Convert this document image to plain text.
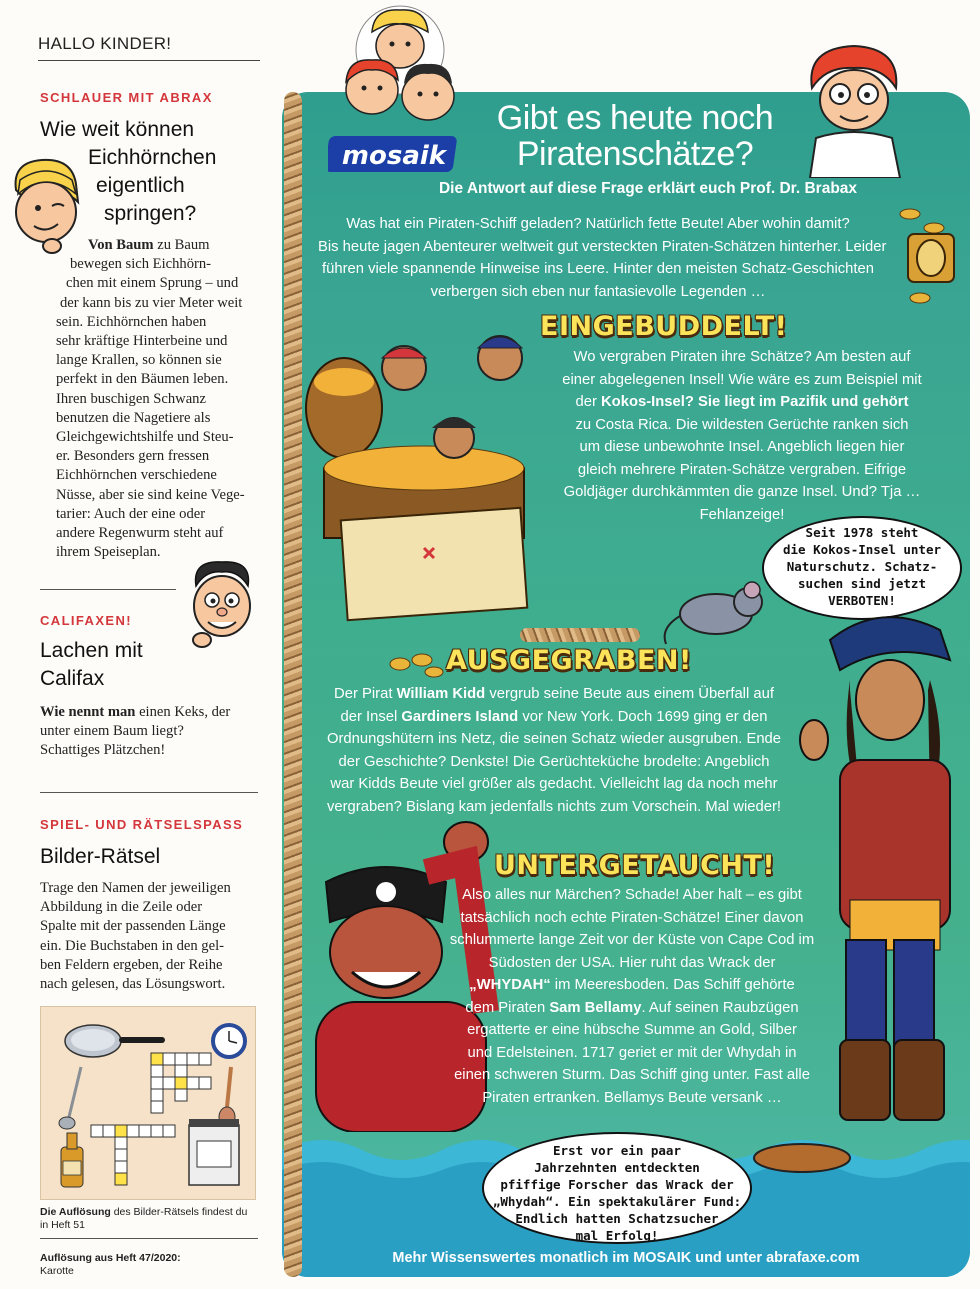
HALLO KINDER!
SCHLAUER MIT ABRAX
Wie weit können
Eichhörnchen
eigentlich
springen?
Von Baum zu Baum
bewegen sich Eichhörn-
chen mit einem Sprung – und
der kann bis zu vier Meter weit
sein. Eichhörnchen haben
sehr kräftige Hinterbeine und
lange Krallen, so können sie
perfekt in den Bäumen leben.
Ihren buschigen Schwanz
benutzen die Nagetiere als
Gleichgewichtshilfe und Steu-
er. Besonders gern fressen
Eichhörnchen verschiedene
Nüsse, aber sie sind keine Vege-
tarier: Auch der eine oder
andere Regenwurm steht auf
ihrem Speiseplan.
CALIFAXEN!
Lachen mit
Califax
Wie nennt man einen Keks, der
unter einem Baum liegt?
Schattiges Plätzchen!
SPIEL- UND RÄTSELSPASS
Bilder-Rätsel
Trage den Namen der jeweiligen
Abbildung in die Zeile oder
Spalte mit der passenden Länge
ein. Die Buchstaben in den gel-
ben Feldern ergeben, der Reihe
nach gelesen, das Lösungswort.
Die Auflösung des Bilder-Rätsels findest du
in Heft 51
Auflösung aus Heft 47/2020:
Karotte
mosaik
Gibt es heute noch
Piratenschätze?
Die Antwort auf diese Frage erklärt euch Prof. Dr. Brabax
Was hat ein Piraten-Schiff geladen? Natürlich fette Beute! Aber wohin damit?
Bis heute jagen Abenteurer weltweit gut versteckten Piraten-Schätzen hinterher. Leider
führen viele spannende Hinweise ins Leere. Hinter den meisten Schatz-Geschichten
verbergen sich eben nur fantasievolle Legenden …
EINGEBUDDELT!
Wo vergraben Piraten ihre Schätze? Am besten auf
einer abgelegenen Insel! Wie wäre es zum Beispiel mit
der Kokos-Insel? Sie liegt im Pazifik und gehört
zu Costa Rica. Die wildesten Gerüchte ranken sich
um diese unbewohnte Insel. Angeblich liegen hier
gleich mehrere Piraten-Schätze vergraben. Eifrige
Goldjäger durchkämmten die ganze Insel. Und? Tja …
Fehlanzeige!
Seit 1978 steht
die Kokos-Insel unter
Naturschutz. Schatz-
suchen sind jetzt
VERBOTEN!
AUSGEGRABEN!
Der Pirat William Kidd vergrub seine Beute aus einem Überfall auf
der Insel Gardiners Island vor New York. Doch 1699 ging er den
Ordnungshütern ins Netz, die seinen Schatz wieder ausgruben. Ende
der Geschichte? Denkste! Die Gerüchteküche brodelte: Angeblich
war Kidds Beute viel größer als gedacht. Vielleicht lag da noch mehr
vergraben? Bislang kam jedenfalls nichts zum Vorschein. Mal wieder!
UNTERGETAUCHT!
Also alles nur Märchen? Schade! Aber halt – es gibt
tatsächlich noch echte Piraten-Schätze! Einer davon
schlummerte lange Zeit vor der Küste von Cape Cod im
Südosten der USA. Hier ruht das Wrack der
„WHYDAH“ im Meeresboden. Das Schiff gehörte
dem Piraten Sam Bellamy. Auf seinen Raubzügen
ergatterte er eine hübsche Summe an Gold, Silber
und Edelsteinen. 1717 geriet er mit der Whydah in
einen schweren Sturm. Das Schiff ging unter. Fast alle
Piraten ertranken. Bellamys Beute versank …
Erst vor ein paar
Jahrzehnten entdeckten
pfiffige Forscher das Wrack der
„Whydah“. Ein spektakulärer Fund:
Endlich hatten Schatzsucher
mal Erfolg!
Mehr Wissenswertes monatlich im MOSAIK und unter abrafaxe.com
